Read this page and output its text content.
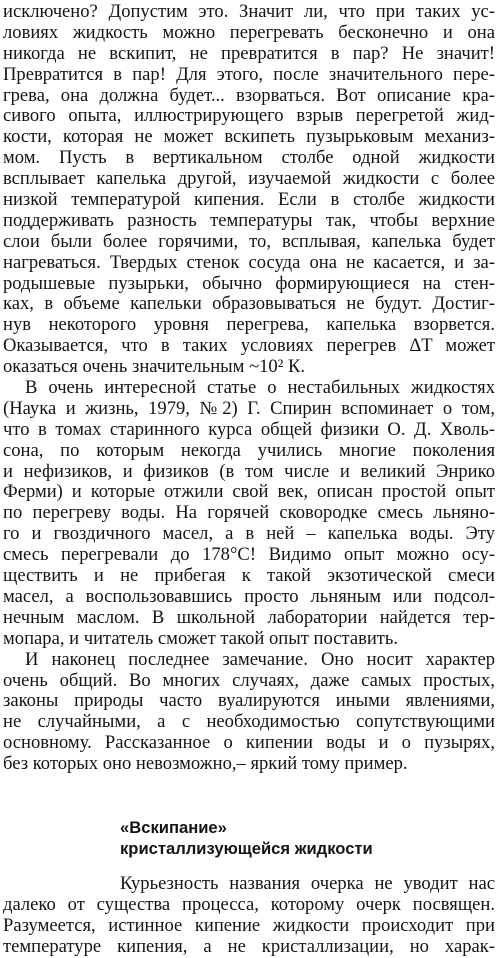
исключено? Допустим это. Значит ли, что при таких ус-
ловиях жидкость можно перегревать бесконечно и она
никогда не вскипит, не превратится в пар? Не значит!
Превратится в пар! Для этого, после значительного пере-
грева, она должна будет... взорваться. Вот описание кра-
сивого опыта, иллюстрирующего взрыв перегретой жид-
кости, которая не может вскипеть пузырьковым механиз-
мом. Пусть в вертикальном столбе одной жидкости
всплывает капелька другой, изучаемой жидкости с более
низкой температурой кипения. Если в столбе жидкости
поддерживать разность температуры так, чтобы верхние
слои были более горячими, то, всплывая, капелька будет
нагреваться. Твердых стенок сосуда она не касается, и за-
родышевые пузырьки, обычно формирующиеся на стен-
ках, в объеме капельки образовываться не будут. Достиг-
нув некоторого уровня перегрева, капелька взорвется.
Оказывается, что в таких условиях перегрев ΔT может
оказаться очень значительным ~10² К.
В очень интересной статье о нестабильных жидкостях
(Наука и жизнь, 1979, №2) Г. Спирин вспоминает о том,
что в томах старинного курса общей физики О. Д. Хволь-
сона, по которым некогда учились многие поколения
и нефизиков, и физиков (в том числе и великий Энрико
Ферми) и которые отжили свой век, описан простой опыт
по перегреву воды. На горячей сковородке смесь льняно-
го и гвоздичного масел, а в ней – капелька воды. Эту
смесь перегревали до 178°С! Видимо опыт можно осу-
ществить и не прибегая к такой экзотической смеси
масел, а воспользовавшись просто льняным или подсол-
нечным маслом. В школьной лаборатории найдется тер-
мопара, и читатель сможет такой опыт поставить.
И наконец последнее замечание. Оно носит характер
очень общий. Во многих случаях, даже самых простых,
законы природы часто вуалируются иными явлениями,
не случайными, а с необходимостью сопутствующими
основному. Рассказанное о кипении воды и о пузырях,
без которых оно невозможно,– яркий тому пример.
«Вскипание»
кристаллизующейся жидкости
Курьезность названия очерка не уводит нас
далеко от существа процесса, которому очерк посвящен.
Разумеется, истинное кипение жидкости происходит при
температуре кипения, а не кристаллизации, но харак-
